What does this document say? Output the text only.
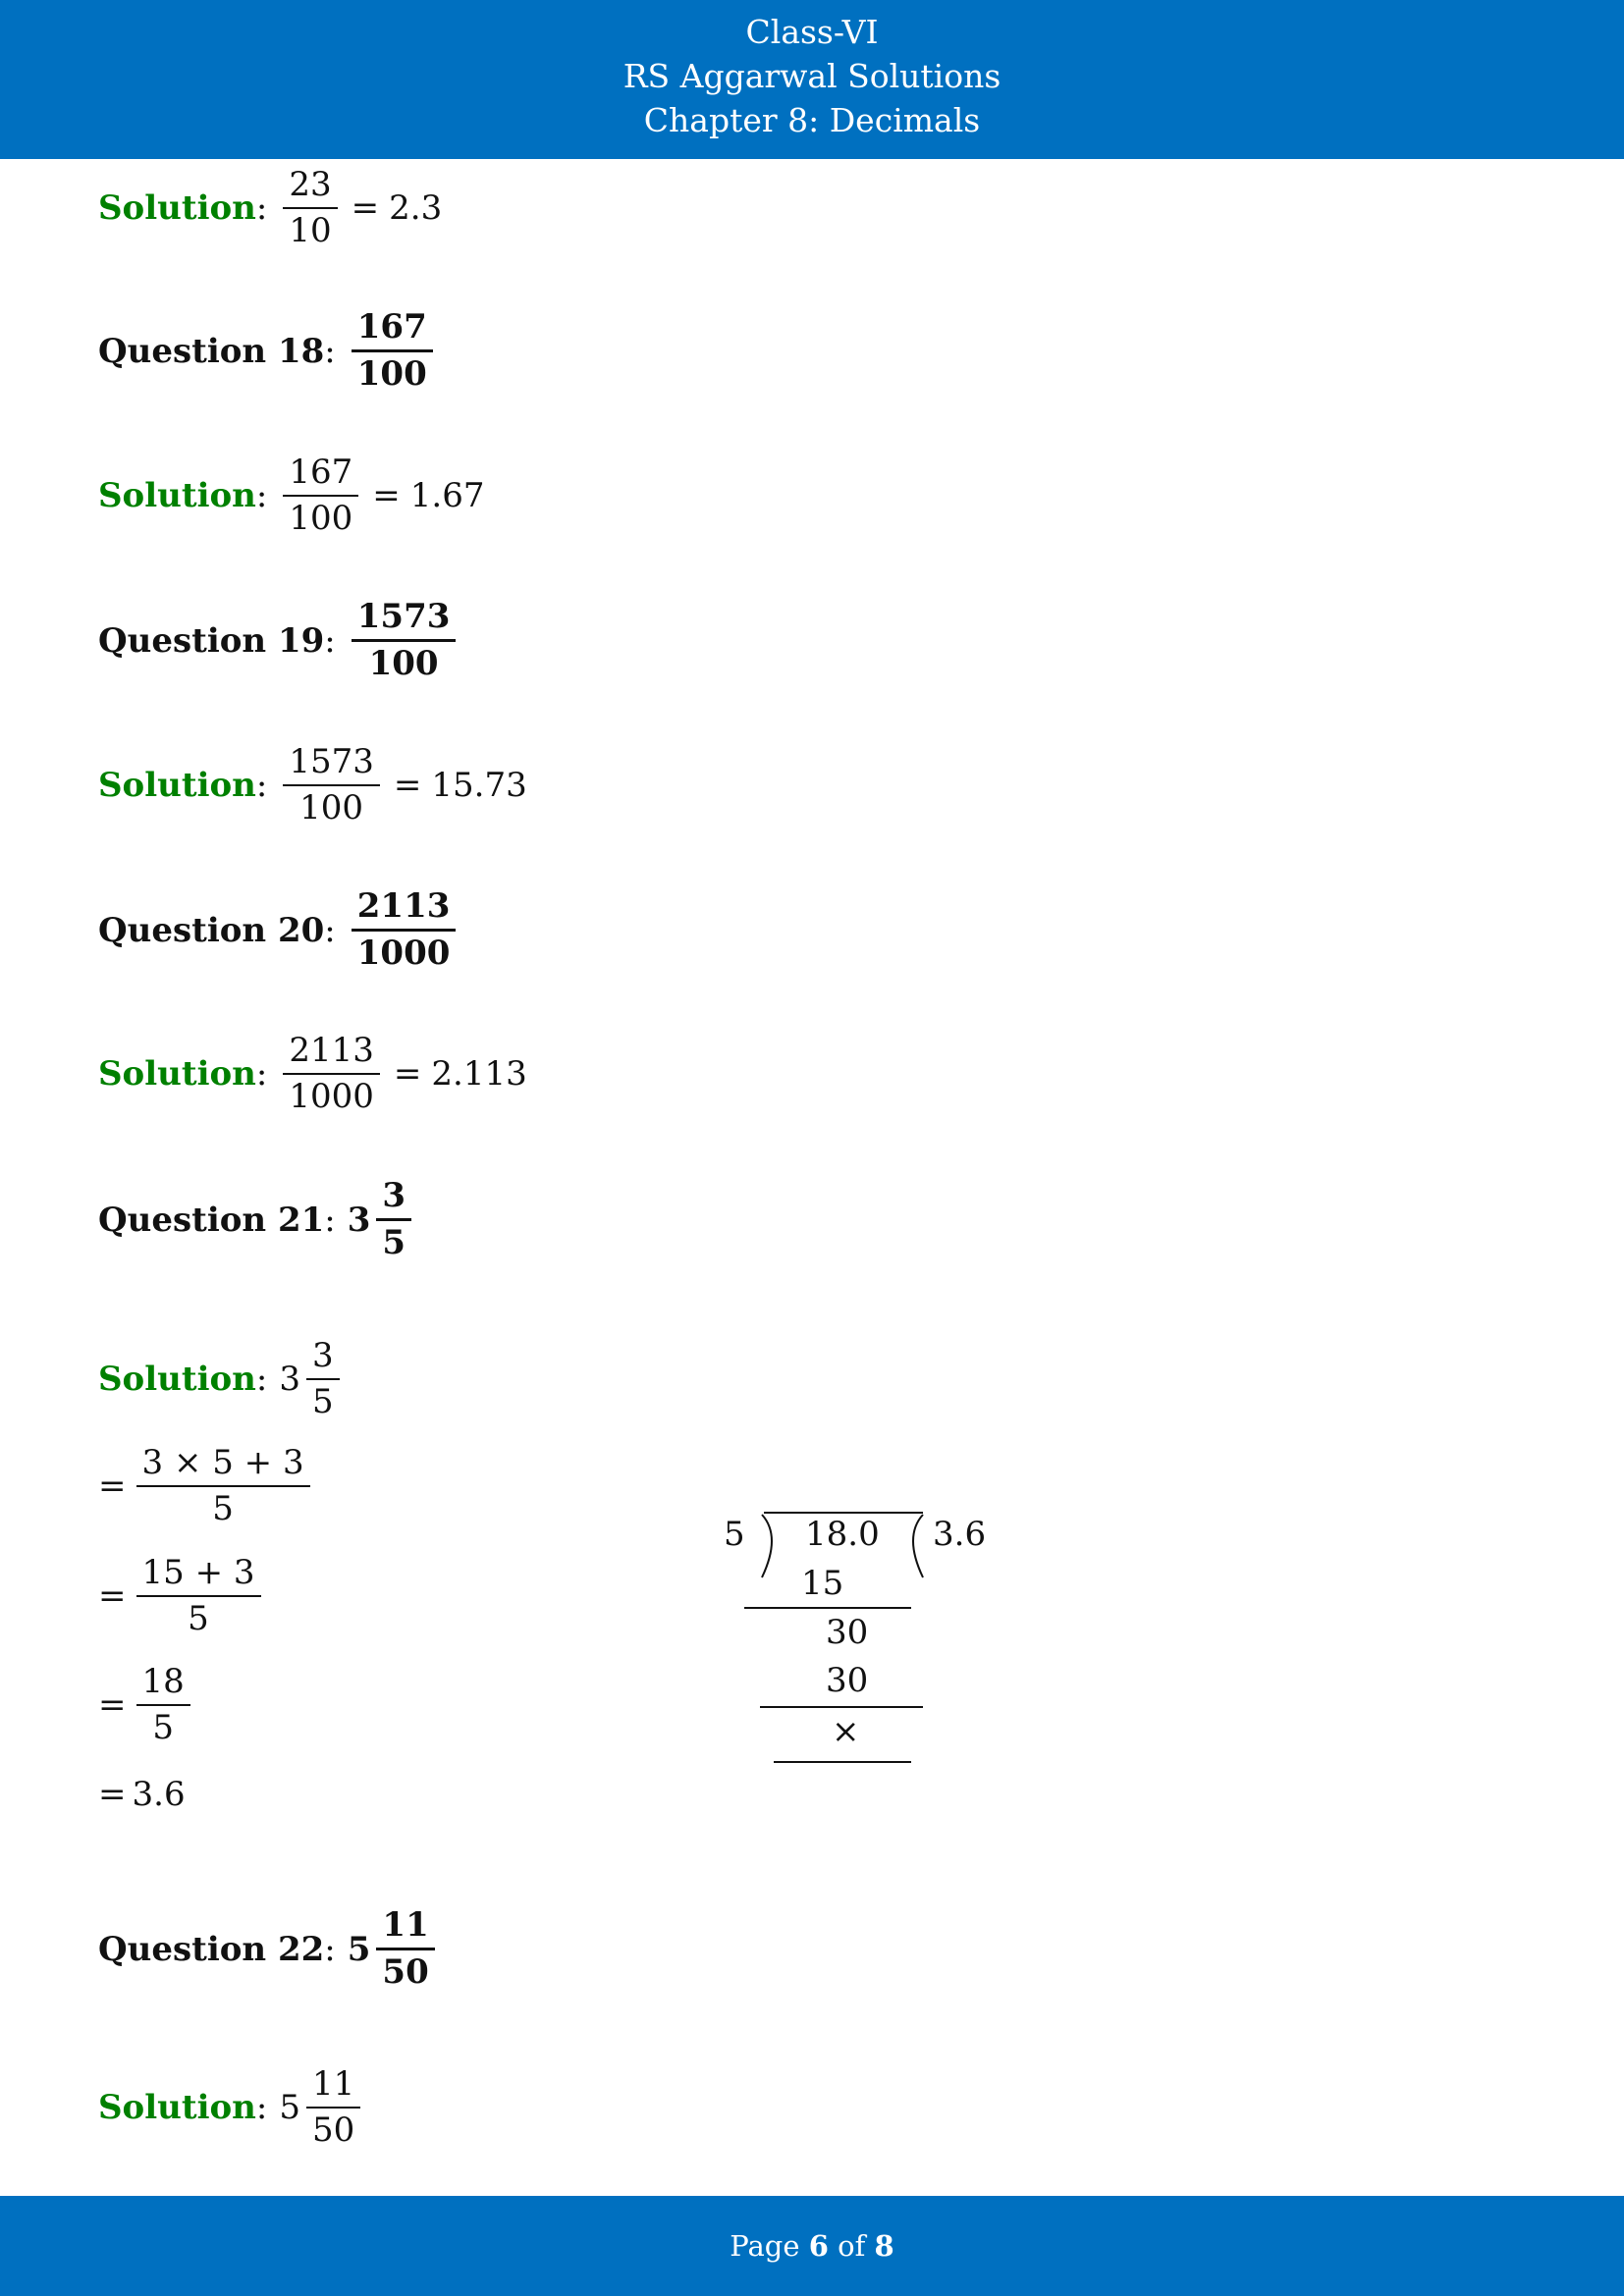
Class-VI
RS Aggarwal Solutions
Chapter 8: Decimals
Solution : $\frac{23}{10} = 2.3$
Question 18 : $\frac{167}{100}$
Solution : $\frac{167}{100} = 1.67$
Question 19 : $\frac{1573}{100}$
Solution : $\frac{1573}{100} = 15.73$
Question 20 : $\frac{2113}{1000}$
Solution : $\frac{2113}{1000} = 2.113$
Question 21 : $3 \frac{3}{5}$
Solution : $3 \frac{3}{5}$
= $\frac{3 \times 5 + 3}{5}$
= $\frac{15 + 3}{5}$
= $\frac{18}{5}$
= 3.6
5 18.0 3.6
15
30
30
×
Question 22 : $5 \frac{11}{50}$
Solution : $5 \frac{11}{50}$
Page 6 of 8
